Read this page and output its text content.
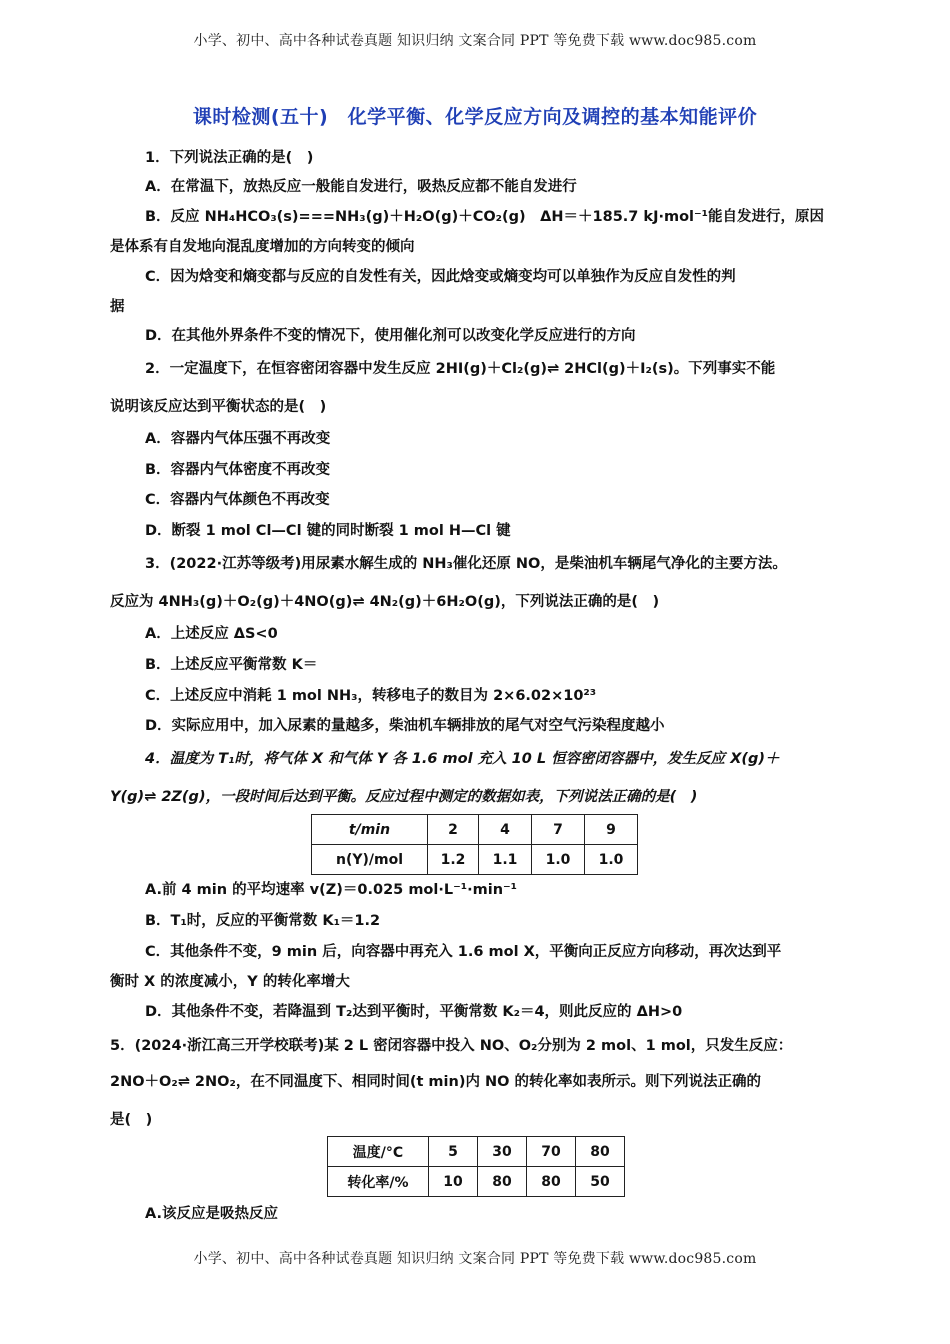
小学、初中、高中各种试卷真题 知识归纳 文案合同 PPT 等免费下载 www.doc985.com
课时检测(五十)　化学平衡、化学反应方向及调控的基本知能评价
1．下列说法正确的是(　)
A．在常温下，放热反应一般能自发进行，吸热反应都不能自发进行
B．反应 NH₄HCO₃(s)===NH₃(g)＋H₂O(g)＋CO₂(g)　ΔH＝＋185.7 kJ·mol⁻¹能自发进行，原因
是体系有自发地向混乱度增加的方向转变的倾向
C．因为焓变和熵变都与反应的自发性有关，因此焓变或熵变均可以单独作为反应自发性的判
据
D．在其他外界条件不变的情况下，使用催化剂可以改变化学反应进行的方向
2．一定温度下，在恒容密闭容器中发生反应 2HI(g)＋Cl₂(g)⇌ 2HCl(g)＋I₂(s)。下列事实不能
说明该反应达到平衡状态的是(　)
A．容器内气体压强不再改变
B．容器内气体密度不再改变
C．容器内气体颜色不再改变
D．断裂 1 mol Cl—Cl 键的同时断裂 1 mol H—Cl 键
3．(2022·江苏等级考)用尿素水解生成的 NH₃催化还原 NO，是柴油机车辆尾气净化的主要方法。
反应为 4NH₃(g)＋O₂(g)＋4NO(g)⇌ 4N₂(g)＋6H₂O(g)，下列说法正确的是(　)
A．上述反应 ΔS<0
B．上述反应平衡常数 K＝
C．上述反应中消耗 1 mol NH₃，转移电子的数目为 2×6.02×10²³
D．实际应用中，加入尿素的量越多，柴油机车辆排放的尾气对空气污染程度越小
4．温度为 T₁时，将气体 X 和气体 Y 各 1.6 mol 充入 10 L 恒容密闭容器中，发生反应 X(g)＋
Y(g)⇌ 2Z(g)，一段时间后达到平衡。反应过程中测定的数据如表，下列说法正确的是(　)
t/min	2	4	7	9
n(Y)/mol	1.2	1.1	1.0	1.0
A.前 4 min 的平均速率 v(Z)＝0.025 mol·L⁻¹·min⁻¹
B．T₁时，反应的平衡常数 K₁＝1.2
C．其他条件不变，9 min 后，向容器中再充入 1.6 mol X，平衡向正反应方向移动，再次达到平
衡时 X 的浓度减小，Y 的转化率增大
D．其他条件不变，若降温到 T₂达到平衡时，平衡常数 K₂＝4，则此反应的 ΔH>0
5．(2024·浙江高三开学校联考)某 2 L 密闭容器中投入 NO、O₂分别为 2 mol、1 mol，只发生反应：
2NO＋O₂⇌ 2NO₂，在不同温度下、相同时间(t min)内 NO 的转化率如表所示。则下列说法正确的
是(　)
温度/°C	5	30	70	80
转化率/%	10	80	80	50
A.该反应是吸热反应
小学、初中、高中各种试卷真题 知识归纳 文案合同 PPT 等免费下载 www.doc985.com
